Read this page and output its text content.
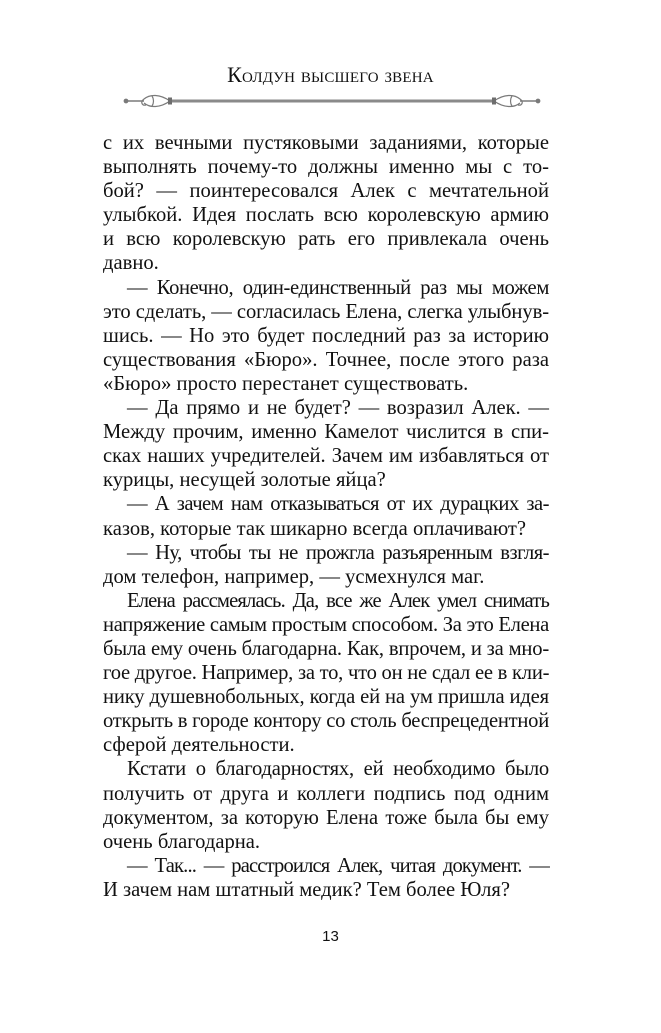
Колдун высшего звена
с их вечными пустяковыми заданиями, которые
выполнять почему-то должны именно мы с то-
бой? — поинтересовался Алек с мечтательной
улыбкой. Идея послать всю королевскую армию
и всю королевскую рать его привлекала очень
давно.
— Конечно, один-единственный раз мы можем
это сделать, — согласилась Елена, слегка улыбнув-
шись. — Но это будет последний раз за историю
существования «Бюро». Точнее, после этого раза
«Бюро» просто перестанет существовать.
— Да прямо и не будет? — возразил Алек. —
Между прочим, именно Камелот числится в спи-
сках наших учредителей. Зачем им избавляться от
курицы, несущей золотые яйца?
— А зачем нам отказываться от их дурацких за-
казов, которые так шикарно всегда оплачивают?
— Ну, чтобы ты не прожгла разъяренным взгля-
дом телефон, например, — усмехнулся маг.
Елена рассмеялась. Да, все же Алек умел снимать
напряжение самым простым способом. За это Елена
была ему очень благодарна. Как, впрочем, и за мно-
гое другое. Например, за то, что он не сдал ее в кли-
нику душевнобольных, когда ей на ум пришла идея
открыть в городе контору со столь беспрецедентной
сферой деятельности.
Кстати о благодарностях, ей необходимо было
получить от друга и коллеги подпись под одним
документом, за которую Елена тоже была бы ему
очень благодарна.
— Так... — расстроился Алек, читая документ. —
И зачем нам штатный медик? Тем более Юля?
13
